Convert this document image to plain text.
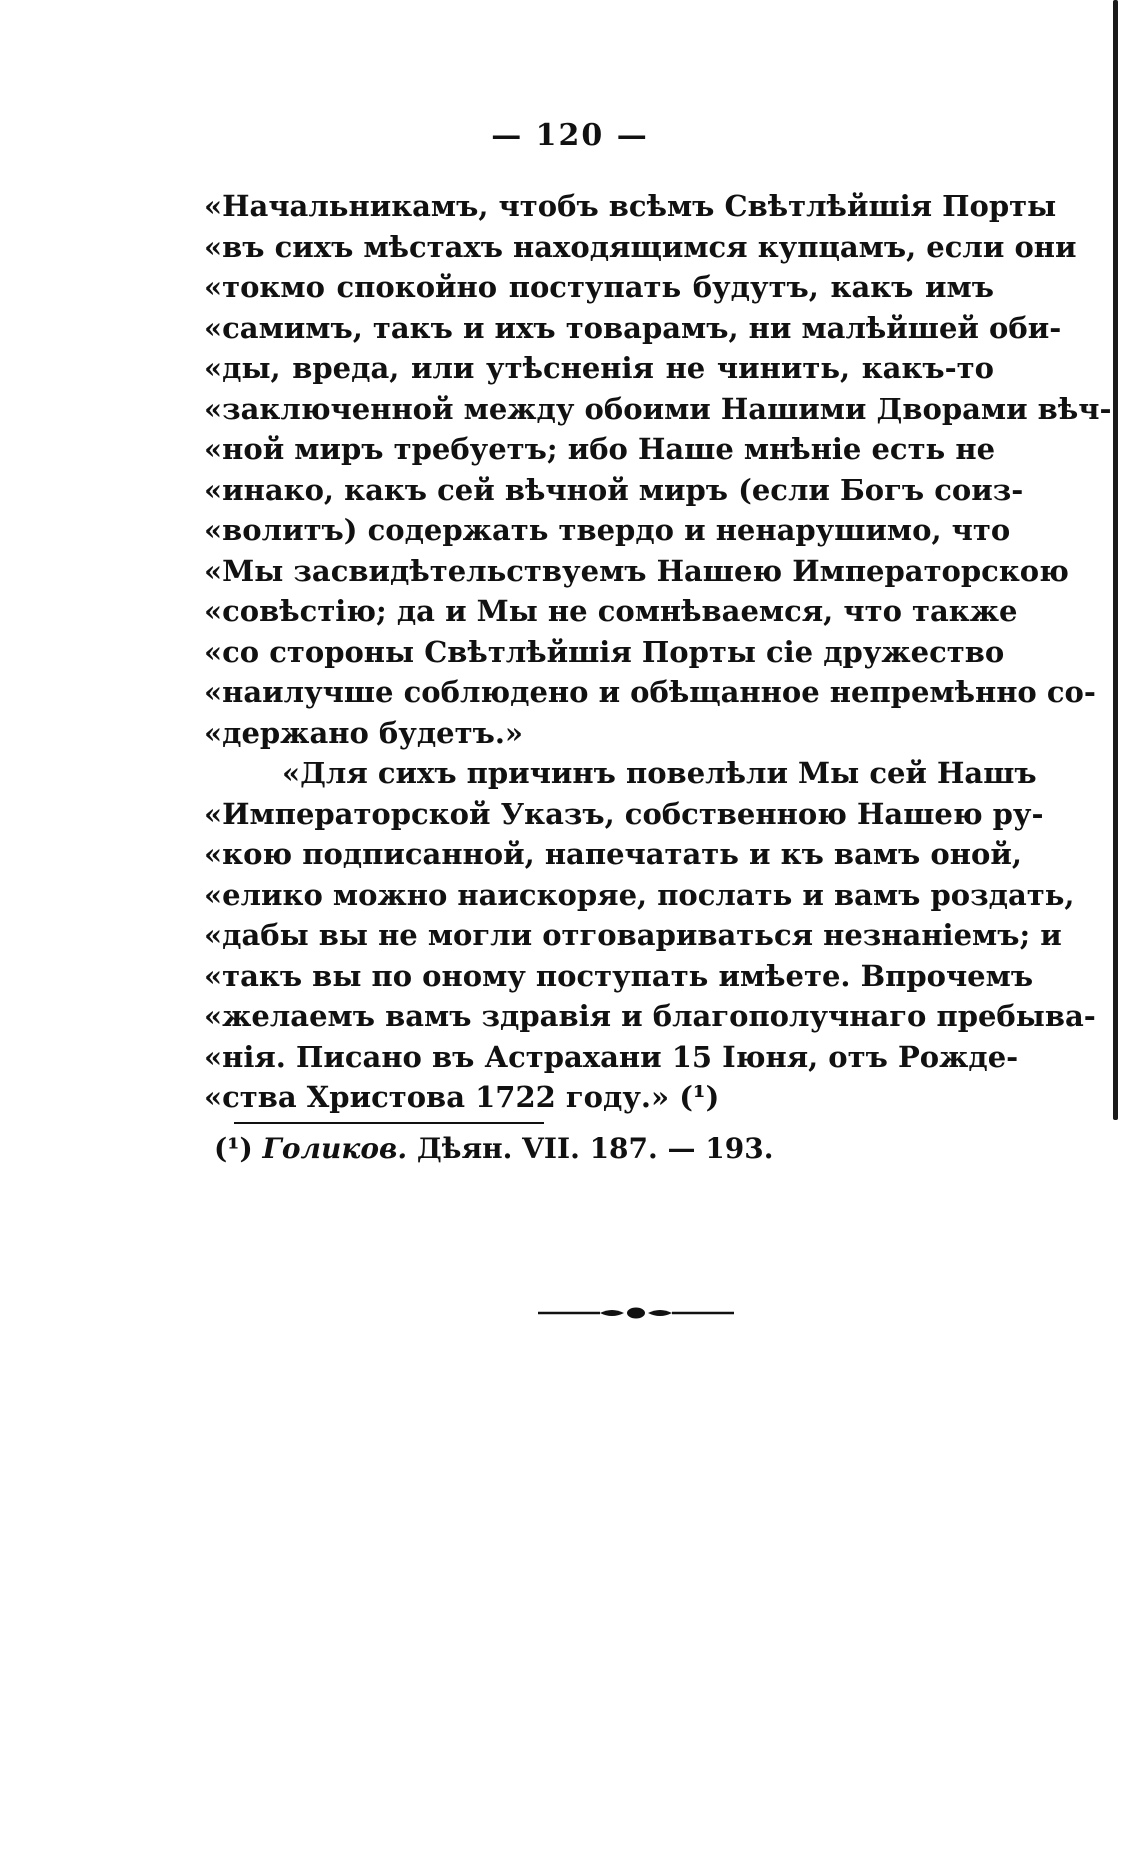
— 120 —
«Начальникамъ, чтобъ всѣмъ Свѣтлѣйшія Порты
«въ сихъ мѣстахъ находящимся купцамъ, если они
«токмо спокойно поступать будутъ, какъ имъ
«самимъ, такъ и ихъ товарамъ, ни малѣйшей оби-
«ды, вреда, или утѣсненія не чинить, какъ-то
«заключенной между обоими Нашими Дворами вѣч-
«ной миръ требуетъ; ибо Наше мнѣніе есть не
«инако, какъ сей вѣчной миръ (если Богъ соиз-
«волитъ) содержать твердо и ненарушимо, что
«Мы засвидѣтельствуемъ Нашею Императорскою
«совѣстію; да и Мы не сомнѣваемся, что также
«со стороны Свѣтлѣйшія Порты сіе дружество
«наилучше соблюдено и обѣщанное непремѣнно со-
«держано будетъ.»
«Для сихъ причинъ повелѣли Мы сей Нашъ
«Императорской Указъ, собственною Нашею ру-
«кою подписанной, напечатать и къ вамъ оной,
«елико можно наискоряе, послать и вамъ роздать,
«дабы вы не могли отговариваться незнаніемъ; и
«такъ вы по оному поступать имѣете. Впрочемъ
«желаемъ вамъ здравія и благополучнаго пребыва-
«нія. Писано въ Астрахани 15 Іюня, отъ Рожде-
«ства Христова 1722 году.» (¹)
(¹) Голиков. Дѣян. VII. 187. — 193.
